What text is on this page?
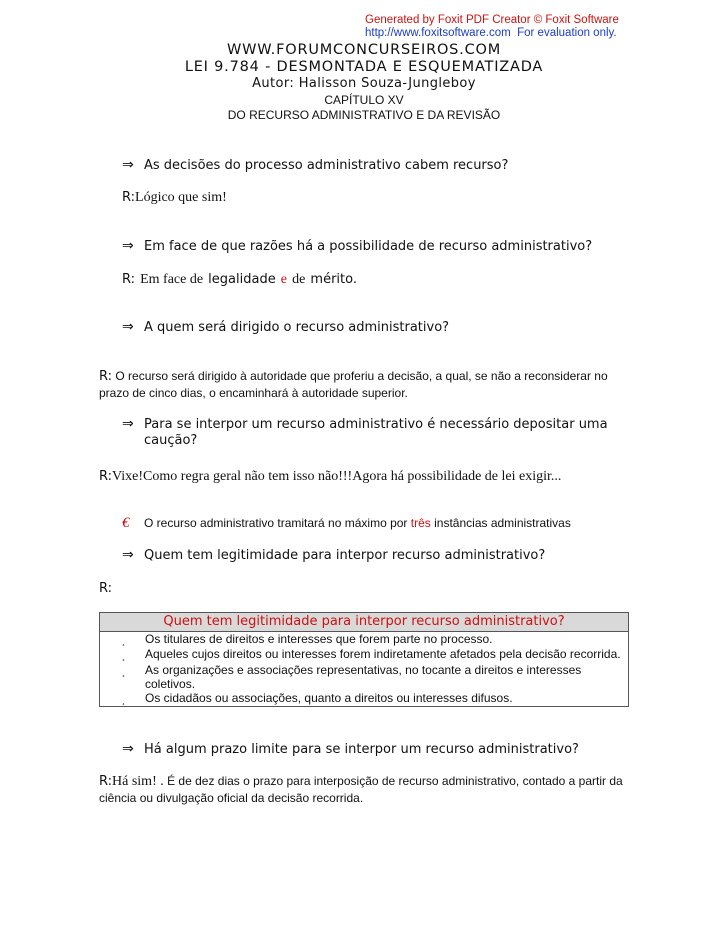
Generated by Foxit PDF Creator © Foxit Software
http://www.foxitsoftware.com For evaluation only.
WWW.FORUMCONCURSEIROS.COM
LEI 9.784 - DESMONTADA E ESQUEMATIZADA
Autor: Halisson Souza-Jungleboy
CAPÍTULO XV
DO RECURSO ADMINISTRATIVO E DA REVISÃO
⇒ As decisões do processo administrativo cabem recurso?
R:Lógico que sim!
⇒ Em face de que razões há a possibilidade de recurso administrativo?
R: Em face de legalidade e de mérito.
⇒ A quem será dirigido o recurso administrativo?
R: O recurso será dirigido à autoridade que proferiu a decisão, a qual, se não a reconsiderar no
prazo de cinco dias, o encaminhará à autoridade superior.
⇒ Para se interpor um recurso administrativo é necessário depositar uma
caução?
R:Vixe!Como regra geral não tem isso não!!!Agora há possibilidade de lei exigir...
€ O recurso administrativo tramitará no máximo por três instâncias administrativas
⇒ Quem tem legitimidade para interpor recurso administrativo?
R:
Quem tem legitimidade para interpor recurso administrativo?
¸ Os titulares de direitos e interesses que forem parte no processo.
¸ Aqueles cujos direitos ou interesses forem indiretamente afetados pela decisão recorrida.
¸ As organizações e associações representativas, no tocante a direitos e interesses
coletivos.
¸ Os cidadãos ou associações, quanto a direitos ou interesses difusos.
⇒ Há algum prazo limite para se interpor um recurso administrativo?
R:Há sim! . É de dez dias o prazo para interposição de recurso administrativo, contado a partir da
ciência ou divulgação oficial da decisão recorrida.
